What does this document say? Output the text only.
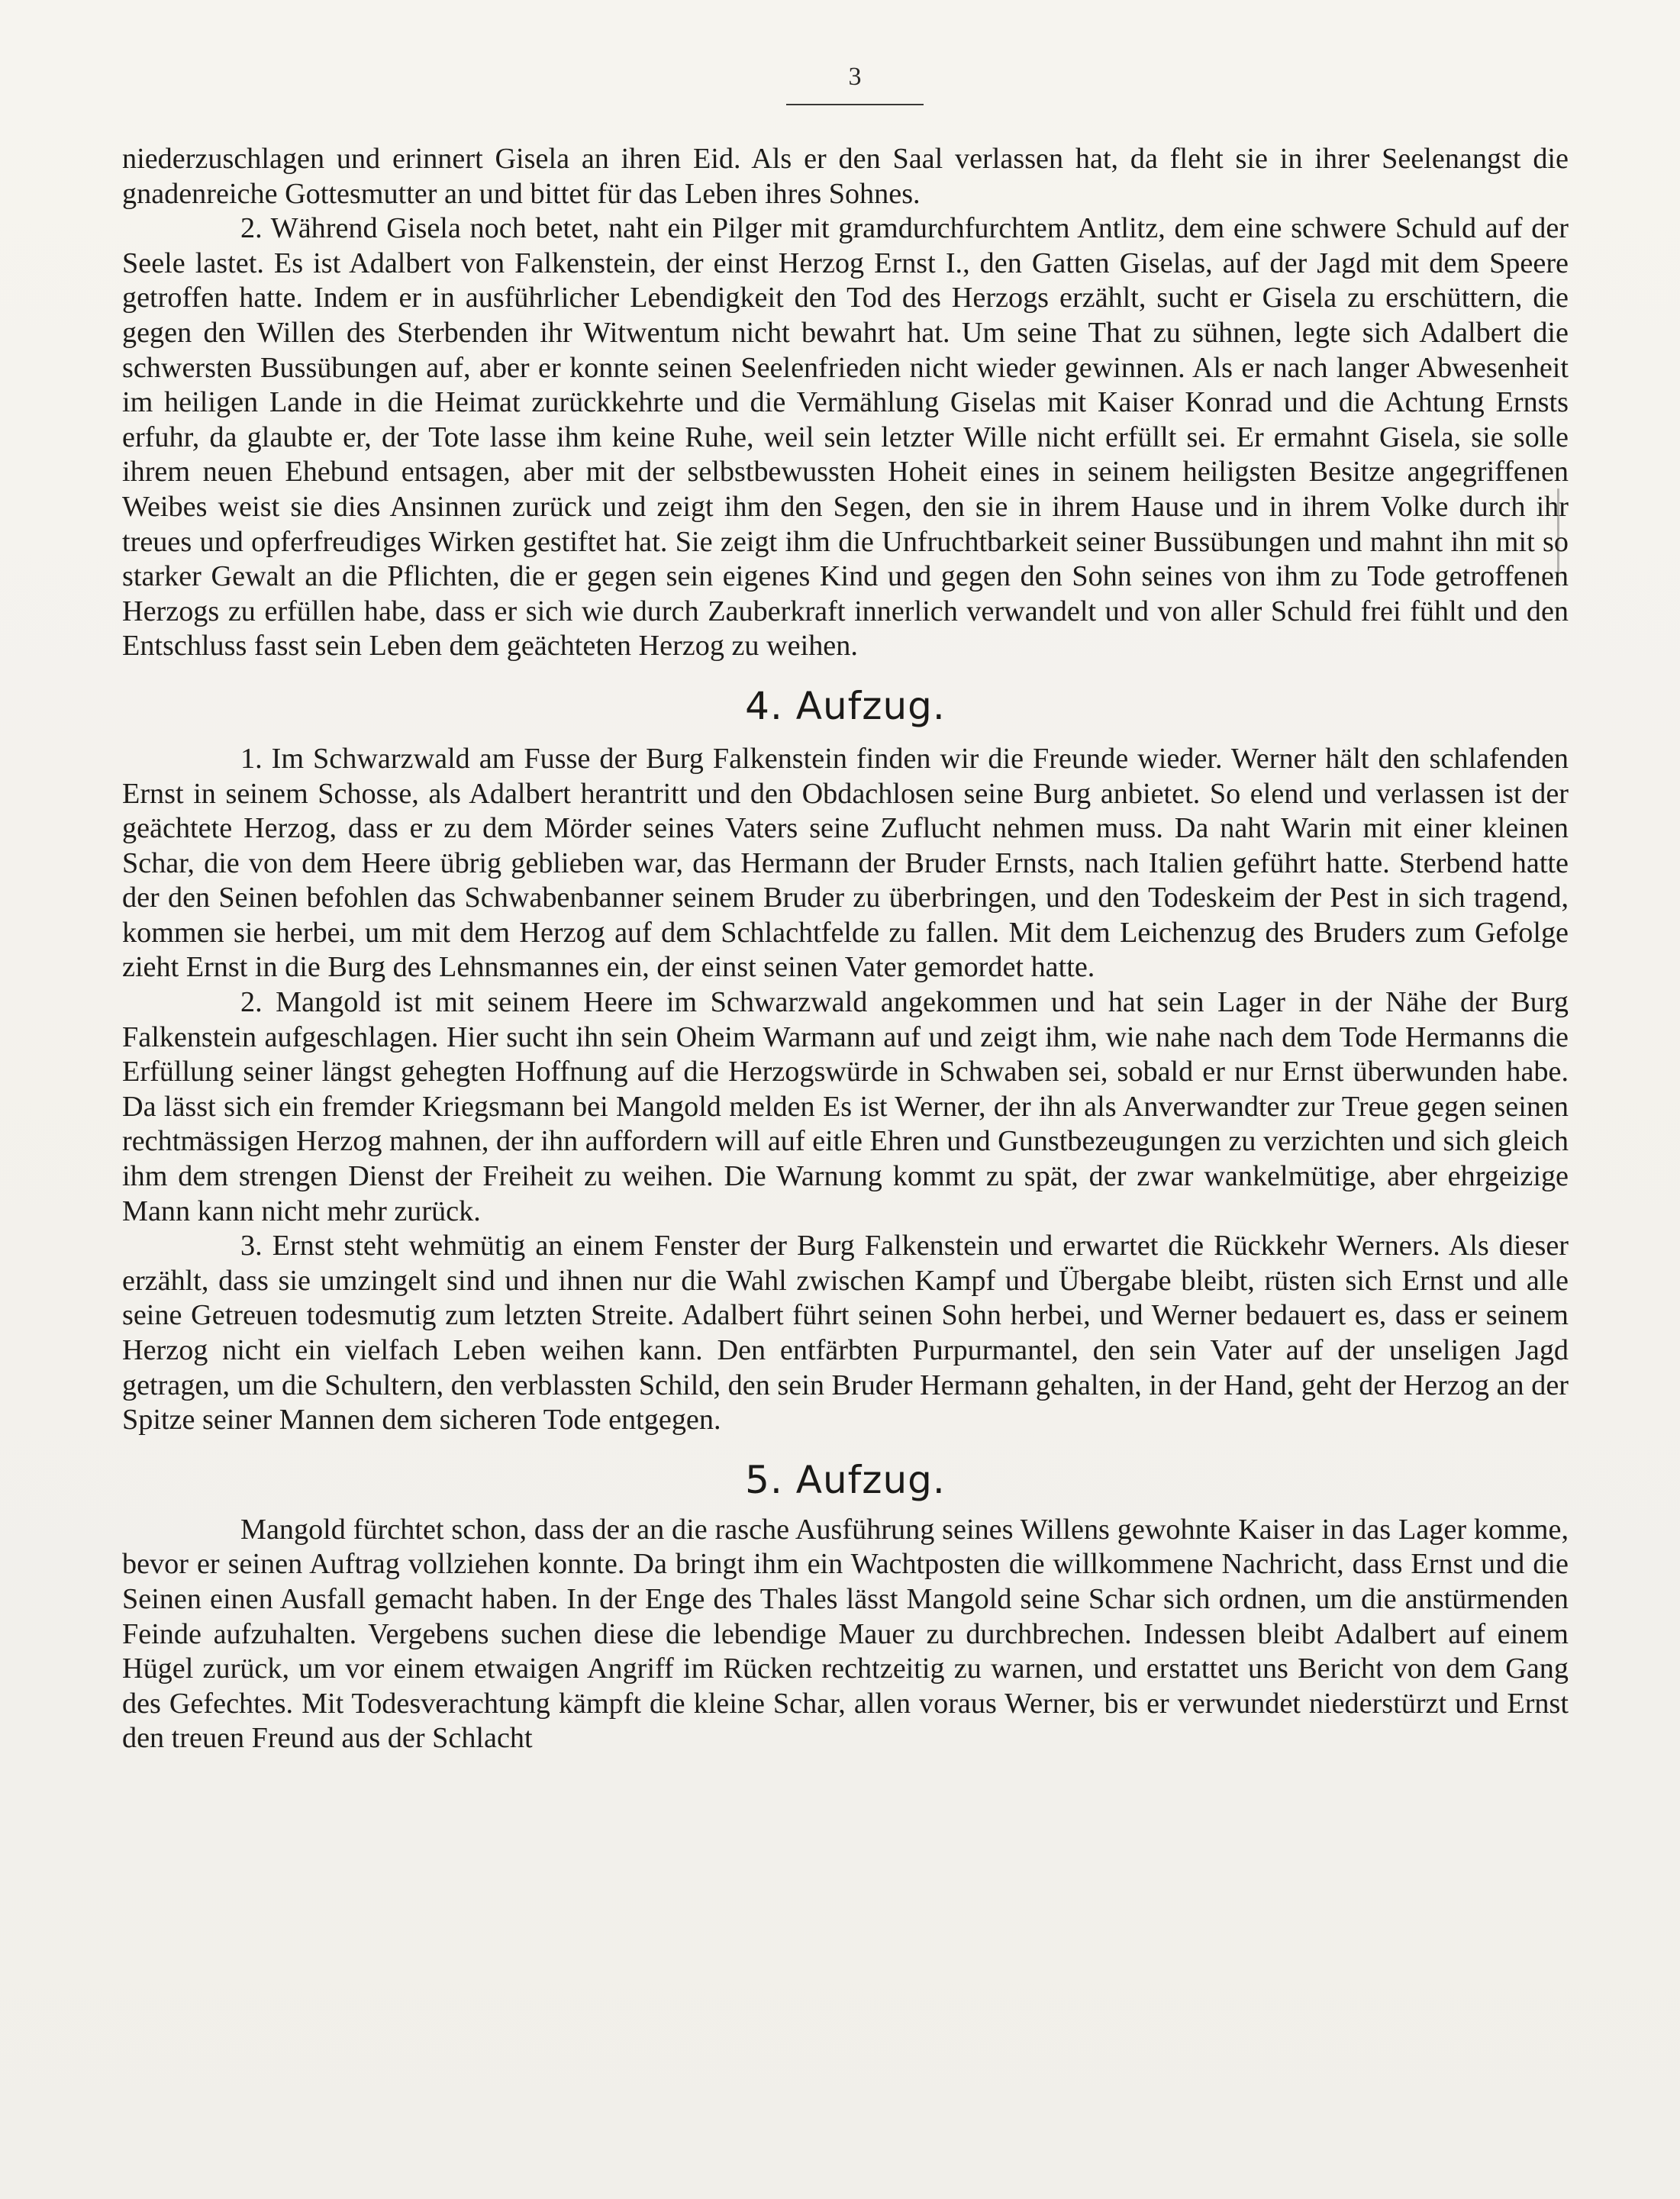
3

niederzuschlagen und erinnert Gisela an ihren Eid. Als er den Saal verlassen hat, da fleht sie in ihrer Seelenangst die gnadenreiche Gottesmutter an und bittet für das Leben ihres Sohnes.

2. Während Gisela noch betet, naht ein Pilger mit gramdurchfurchtem Antlitz, dem eine schwere Schuld auf der Seele lastet. Es ist Adalbert von Falkenstein, der einst Herzog Ernst I., den Gatten Giselas, auf der Jagd mit dem Speere getroffen hatte. Indem er in ausführlicher Lebendigkeit den Tod des Herzogs erzählt, sucht er Gisela zu erschüttern, die gegen den Willen des Sterbenden ihr Witwentum nicht bewahrt hat. Um seine That zu sühnen, legte sich Adalbert die schwersten Bussübungen auf, aber er konnte seinen Seelenfrieden nicht wieder gewinnen. Als er nach langer Abwesenheit im heiligen Lande in die Heimat zurückkehrte und die Vermählung Giselas mit Kaiser Konrad und die Achtung Ernsts erfuhr, da glaubte er, der Tote lasse ihm keine Ruhe, weil sein letzter Wille nicht erfüllt sei. Er ermahnt Gisela, sie solle ihrem neuen Ehebund entsagen, aber mit der selbstbewussten Hoheit eines in seinem heiligsten Besitze angegriffenen Weibes weist sie dies Ansinnen zurück und zeigt ihm den Segen, den sie in ihrem Hause und in ihrem Volke durch ihr treues und opferfreudiges Wirken gestiftet hat. Sie zeigt ihm die Unfruchtbarkeit seiner Bussübungen und mahnt ihn mit so starker Gewalt an die Pflichten, die er gegen sein eigenes Kind und gegen den Sohn seines von ihm zu Tode getroffenen Herzogs zu erfüllen habe, dass er sich wie durch Zauberkraft innerlich verwandelt und von aller Schuld frei fühlt und den Entschluss fasst sein Leben dem geächteten Herzog zu weihen.

4. Aufzug.

1. Im Schwarzwald am Fusse der Burg Falkenstein finden wir die Freunde wieder. Werner hält den schlafenden Ernst in seinem Schosse, als Adalbert herantritt und den Obdachlosen seine Burg anbietet. So elend und verlassen ist der geächtete Herzog, dass er zu dem Mörder seines Vaters seine Zuflucht nehmen muss. Da naht Warin mit einer kleinen Schar, die von dem Heere übrig geblieben war, das Hermann der Bruder Ernsts, nach Italien geführt hatte. Sterbend hatte der den Seinen befohlen das Schwabenbanner seinem Bruder zu überbringen, und den Todeskeim der Pest in sich tragend, kommen sie herbei, um mit dem Herzog auf dem Schlachtfelde zu fallen. Mit dem Leichenzug des Bruders zum Gefolge zieht Ernst in die Burg des Lehnsmannes ein, der einst seinen Vater gemordet hatte.

2. Mangold ist mit seinem Heere im Schwarzwald angekommen und hat sein Lager in der Nähe der Burg Falkenstein aufgeschlagen. Hier sucht ihn sein Oheim Warmann auf und zeigt ihm, wie nahe nach dem Tode Hermanns die Erfüllung seiner längst gehegten Hoffnung auf die Herzogswürde in Schwaben sei, sobald er nur Ernst überwunden habe. Da lässt sich ein fremder Kriegsmann bei Mangold melden Es ist Werner, der ihn als Anverwandter zur Treue gegen seinen rechtmässigen Herzog mahnen, der ihn auffordern will auf eitle Ehren und Gunstbezeugungen zu verzichten und sich gleich ihm dem strengen Dienst der Freiheit zu weihen. Die Warnung kommt zu spät, der zwar wankelmütige, aber ehrgeizige Mann kann nicht mehr zurück.

3. Ernst steht wehmütig an einem Fenster der Burg Falkenstein und erwartet die Rückkehr Werners. Als dieser erzählt, dass sie umzingelt sind und ihnen nur die Wahl zwischen Kampf und Übergabe bleibt, rüsten sich Ernst und alle seine Getreuen todesmutig zum letzten Streite. Adalbert führt seinen Sohn herbei, und Werner bedauert es, dass er seinem Herzog nicht ein vielfach Leben weihen kann. Den entfärbten Purpurmantel, den sein Vater auf der unseligen Jagd getragen, um die Schultern, den verblassten Schild, den sein Bruder Hermann gehalten, in der Hand, geht der Herzog an der Spitze seiner Mannen dem sicheren Tode entgegen.

5. Aufzug.

Mangold fürchtet schon, dass der an die rasche Ausführung seines Willens gewohnte Kaiser in das Lager komme, bevor er seinen Auftrag vollziehen konnte. Da bringt ihm ein Wachtposten die willkommene Nachricht, dass Ernst und die Seinen einen Ausfall gemacht haben. In der Enge des Thales lässt Mangold seine Schar sich ordnen, um die anstürmenden Feinde aufzuhalten. Vergebens suchen diese die lebendige Mauer zu durchbrechen. Indessen bleibt Adalbert auf einem Hügel zurück, um vor einem etwaigen Angriff im Rücken rechtzeitig zu warnen, und erstattet uns Bericht von dem Gang des Gefechtes. Mit Todesverachtung kämpft die kleine Schar, allen voraus Werner, bis er verwundet niederstürzt und Ernst den treuen Freund aus der Schlacht
